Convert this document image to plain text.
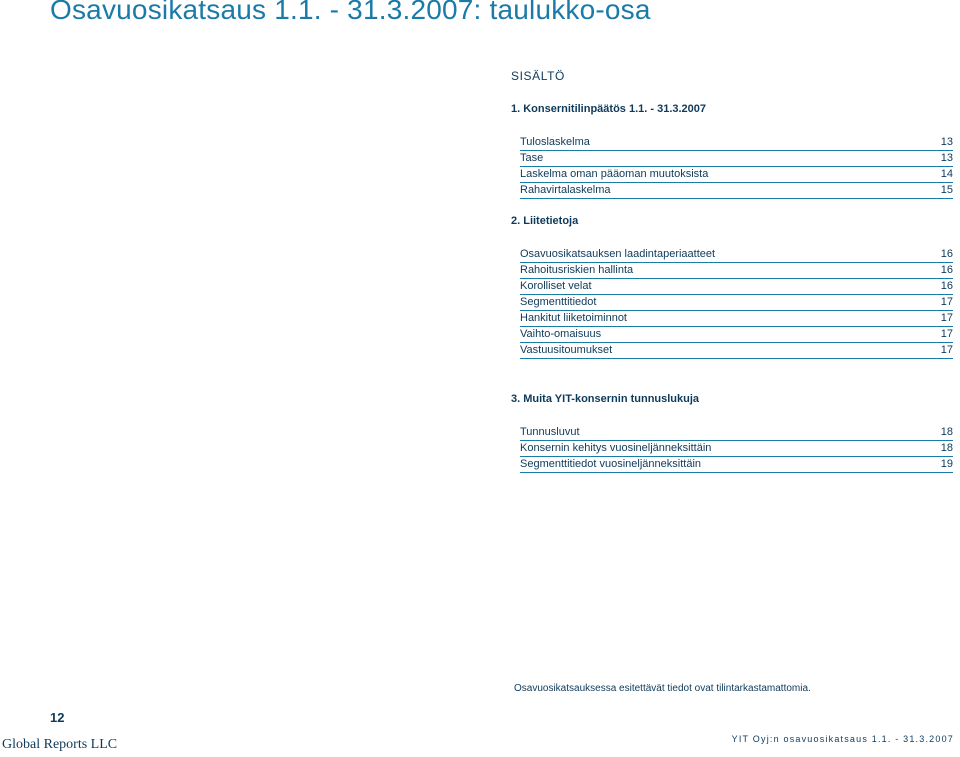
Osavuosikatsaus 1.1. - 31.3.2007: taulukko-osa
SISÄLTÖ
1. Konsernitilinpäätös 1.1. - 31.3.2007
Tuloslaskelma	13
Tase	13
Laskelma oman pääoman muutoksista	14
Rahavirtalaskelma	15
2. Liitetietoja
Osavuosikatsauksen laadintaperiaatteet	16
Rahoitusriskien hallinta	16
Korolliset velat	16
Segmenttitiedot	17
Hankitut liiketoiminnot	17
Vaihto-omaisuus	17
Vastuusitoumukset	17
3. Muita YIT-konsernin tunnuslukuja
Tunnusluvut	18
Konsernin kehitys vuosineljänneksittäin	18
Segmenttitiedot vuosineljänneksittäin	19
Osavuosikatsauksessa esitettävät tiedot ovat tilintarkastamattomia.
12
Global Reports LLC	YIT Oyj:n osavuosikatsaus 1.1. - 31.3.2007
